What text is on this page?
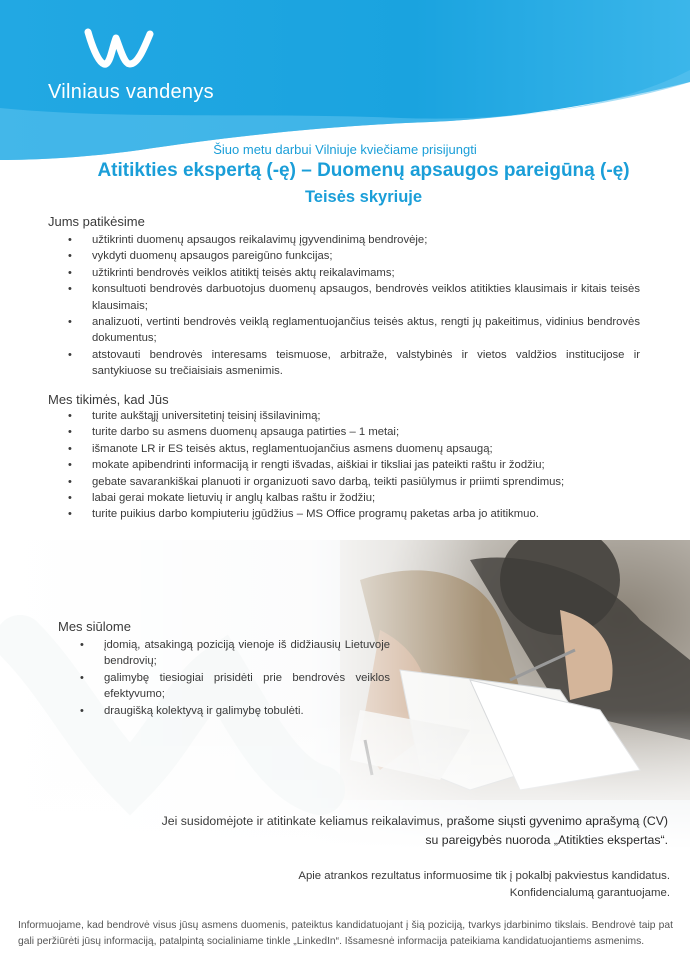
Vilniaus vandenys
Šiuo metu darbui Vilniuje kviečiame prisijungti
Atitikties ekspertą (-ę) – Duomenų apsaugos pareigūną (-ę)
Teisės skyriuje
Jums patikėsime
• užtikrinti duomenų apsaugos reikalavimų įgyvendinimą bendrovėje;
• vykdyti duomenų apsaugos pareigūno funkcijas;
• užtikrinti bendrovės veiklos atitiktį teisės aktų reikalavimams;
• konsultuoti bendrovės darbuotojus duomenų apsaugos, bendrovės veiklos atitikties klausimais ir kitais teisės klausimais;
• analizuoti, vertinti bendrovės veiklą reglamentuojančius teisės aktus, rengti jų pakeitimus, vidinius bendrovės dokumentus;
• atstovauti bendrovės interesams teismuose, arbitraže, valstybinės ir vietos valdžios institucijose ir santykiuose su trečiaisiais asmenimis.
Mes tikimės, kad Jūs
• turite aukštąjį universitetinį teisinį išsilavinimą;
• turite darbo su asmens duomenų apsauga patirties – 1 metai;
• išmanote LR ir ES teisės aktus, reglamentuojančius asmens duomenų apsaugą;
• mokate apibendrinti informaciją ir rengti išvadas, aiškiai ir tiksliai jas pateikti raštu ir žodžiu;
• gebate savarankiškai planuoti ir organizuoti savo darbą, teikti pasiūlymus ir priimti sprendimus;
• labai gerai mokate lietuvių ir anglų kalbas raštu ir žodžiu;
• turite puikius darbo kompiuteriu įgūdžius – MS Office programų paketas arba jo atitikmuo.
Mes siūlome
• įdomią, atsakingą poziciją vienoje iš didžiausių Lietuvoje bendrovių;
• galimybę tiesiogiai prisidėti prie bendrovės veiklos efektyvumo;
• draugišką kolektyvą ir galimybę tobulėti.
Jei susidomėjote ir atitinkate keliamus reikalavimus, prašome siųsti gyvenimo aprašymą (CV) su pareigybės nuoroda „Atitikties ekspertas“.
Apie atrankos rezultatus informuosime tik į pokalbį pakviestus kandidatus.
Konfidencialumą garantuojame.
Informuojame, kad bendrovė visus jūsų asmens duomenis, pateiktus kandidatuojant į šią poziciją, tvarkys įdarbinimo tikslais. Bendrovė taip pat gali peržiūrėti jūsų informaciją, patalpintą socialiniame tinkle „LinkedIn“. Išsamesnė informacija pateikiama kandidatuojantiems asmenims.
